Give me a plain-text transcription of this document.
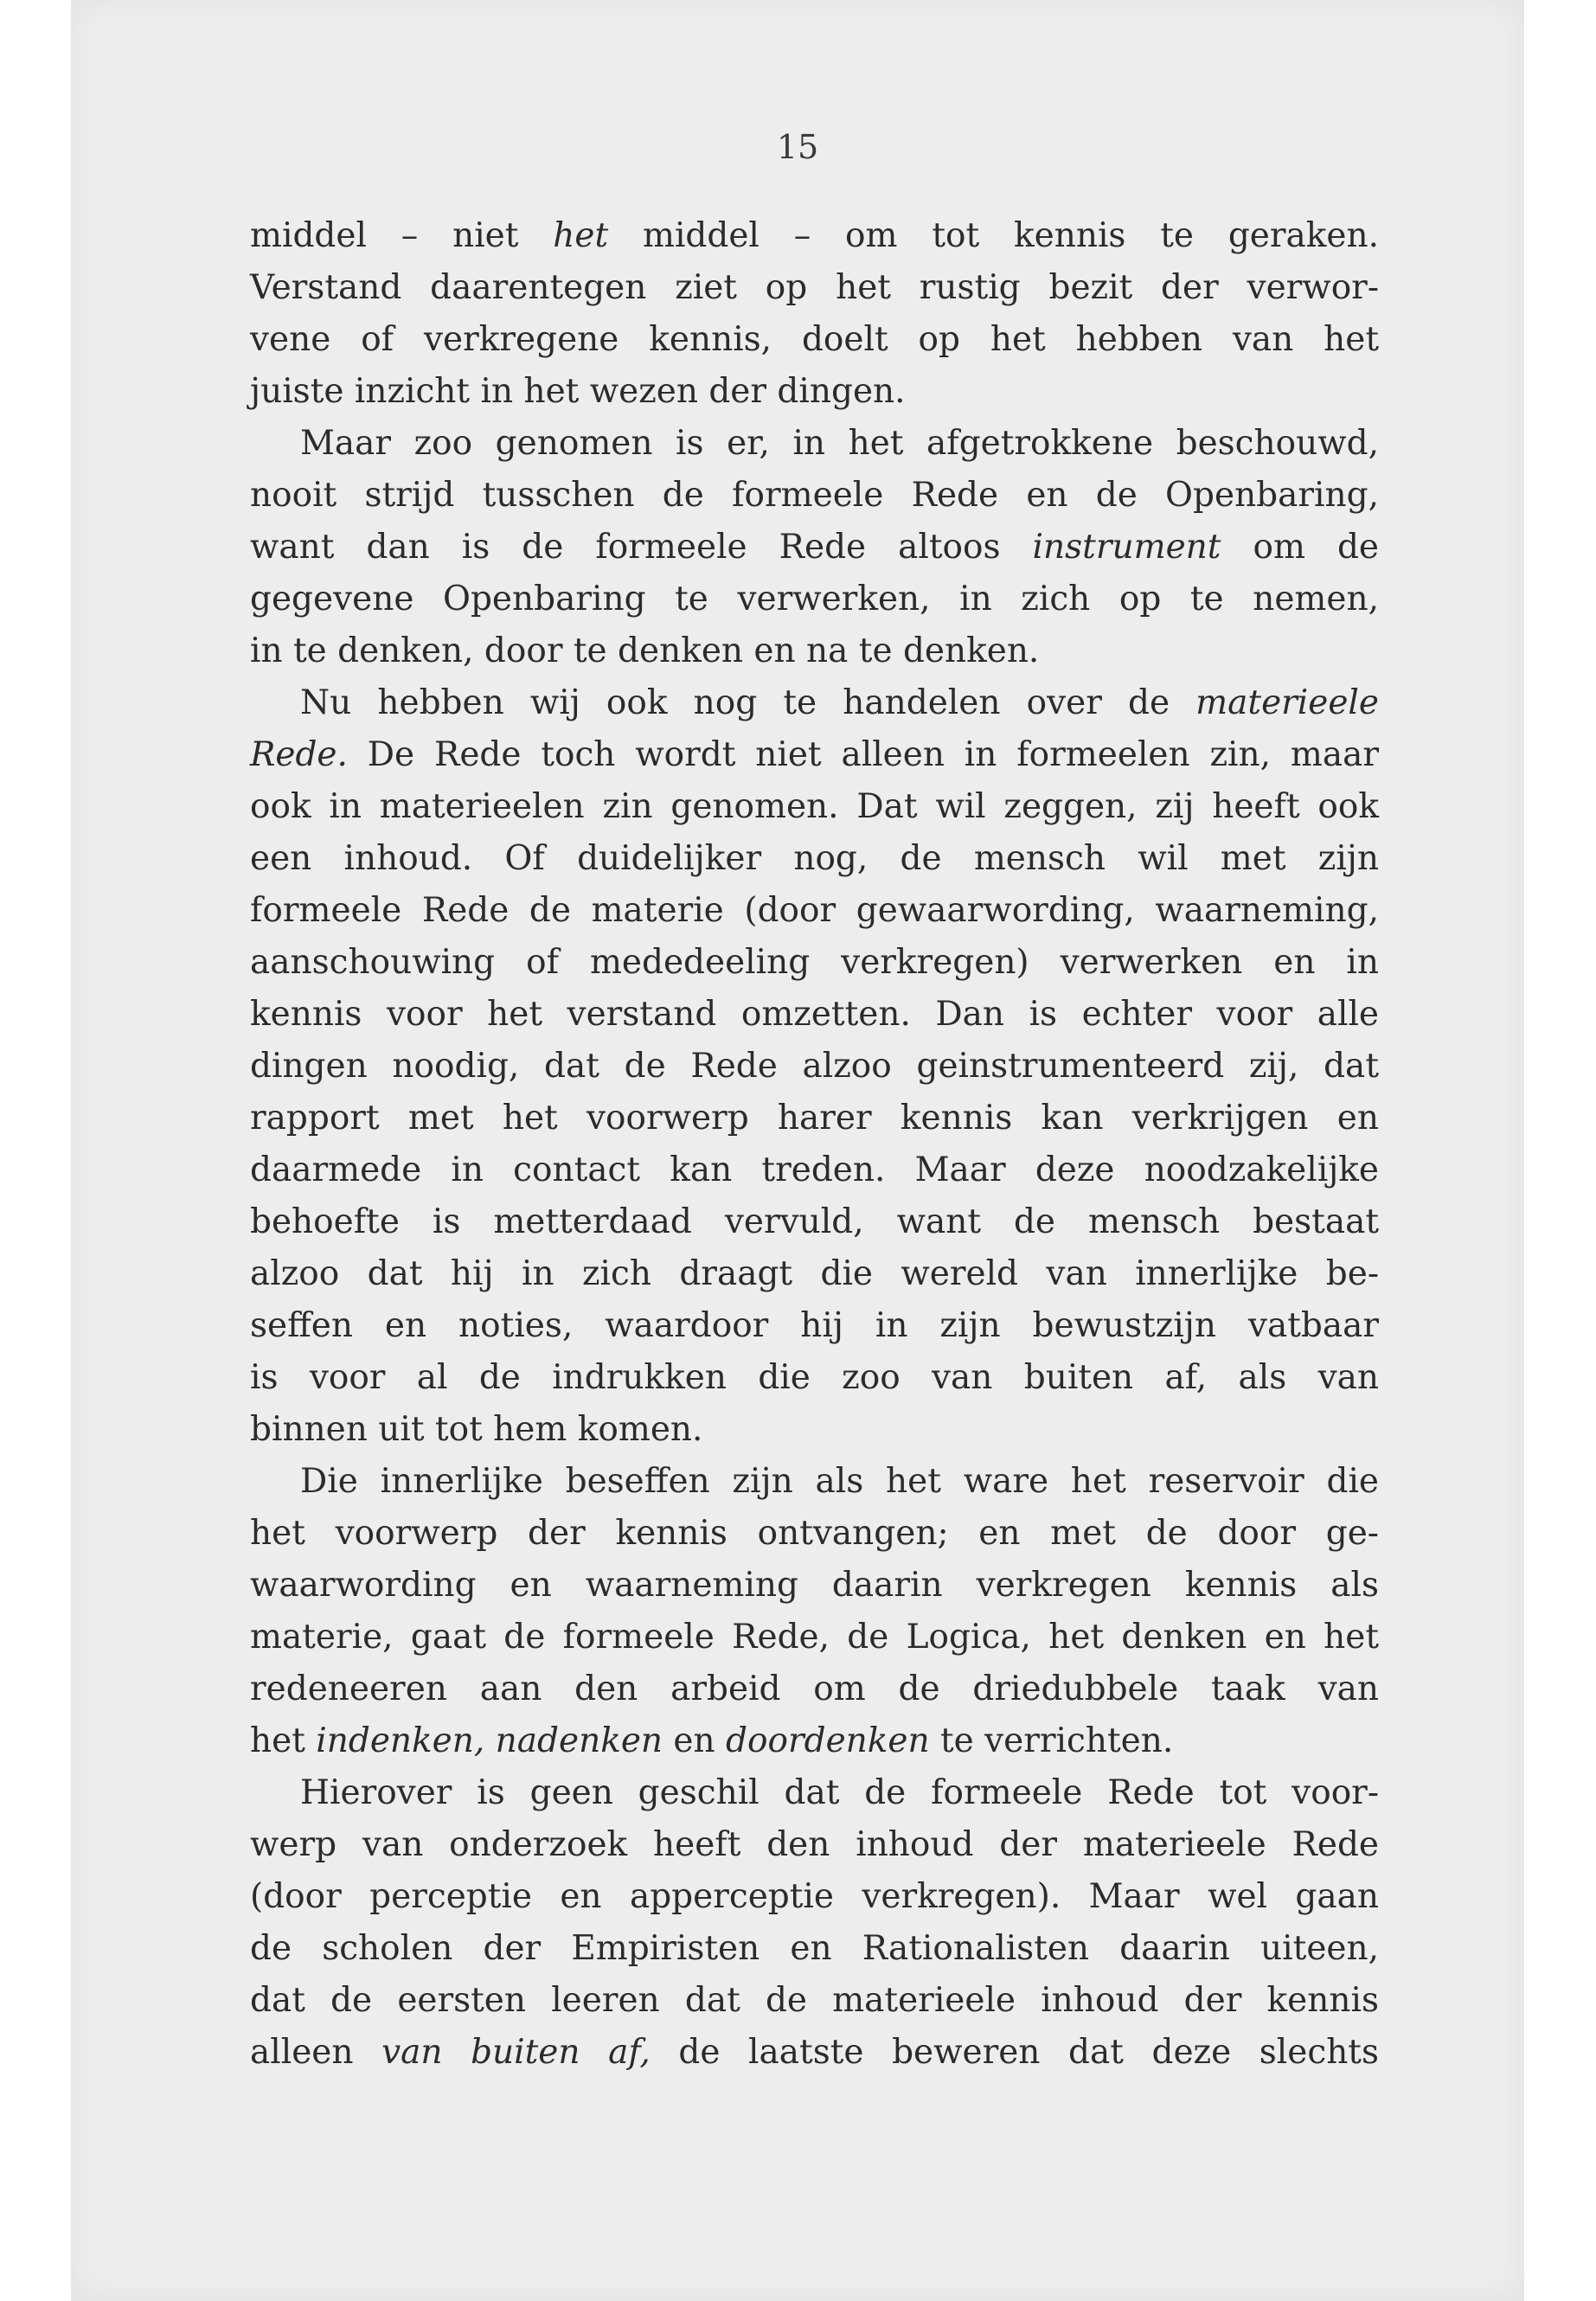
15
middel – niet het middel – om tot kennis te geraken.
Verstand daarentegen ziet op het rustig bezit der verwor-
vene of verkregene kennis, doelt op het hebben van het
juiste inzicht in het wezen der dingen.
Maar zoo genomen is er, in het afgetrokkene beschouwd,
nooit strijd tusschen de formeele Rede en de Openbaring,
want dan is de formeele Rede altoos instrument om de
gegevene Openbaring te verwerken, in zich op te nemen,
in te denken, door te denken en na te denken.
Nu hebben wij ook nog te handelen over de materieele
Rede. De Rede toch wordt niet alleen in formeelen zin, maar
ook in materieelen zin genomen. Dat wil zeggen, zij heeft ook
een inhoud. Of duidelijker nog, de mensch wil met zijn
formeele Rede de materie (door gewaarwording, waarneming,
aanschouwing of mededeeling verkregen) verwerken en in
kennis voor het verstand omzetten. Dan is echter voor alle
dingen noodig, dat de Rede alzoo geinstrumenteerd zij, dat
rapport met het voorwerp harer kennis kan verkrijgen en
daarmede in contact kan treden. Maar deze noodzakelijke
behoefte is metterdaad vervuld, want de mensch bestaat
alzoo dat hij in zich draagt die wereld van innerlijke be-
seffen en noties, waardoor hij in zijn bewustzijn vatbaar
is voor al de indrukken die zoo van buiten af, als van
binnen uit tot hem komen.
Die innerlijke beseffen zijn als het ware het reservoir die
het voorwerp der kennis ontvangen; en met de door ge-
waarwording en waarneming daarin verkregen kennis als
materie, gaat de formeele Rede, de Logica, het denken en het
redeneeren aan den arbeid om de driedubbele taak van
het indenken, nadenken en doordenken te verrichten.
Hierover is geen geschil dat de formeele Rede tot voor-
werp van onderzoek heeft den inhoud der materieele Rede
(door perceptie en apperceptie verkregen). Maar wel gaan
de scholen der Empiristen en Rationalisten daarin uiteen,
dat de eersten leeren dat de materieele inhoud der kennis
alleen van buiten af, de laatste beweren dat deze slechts
